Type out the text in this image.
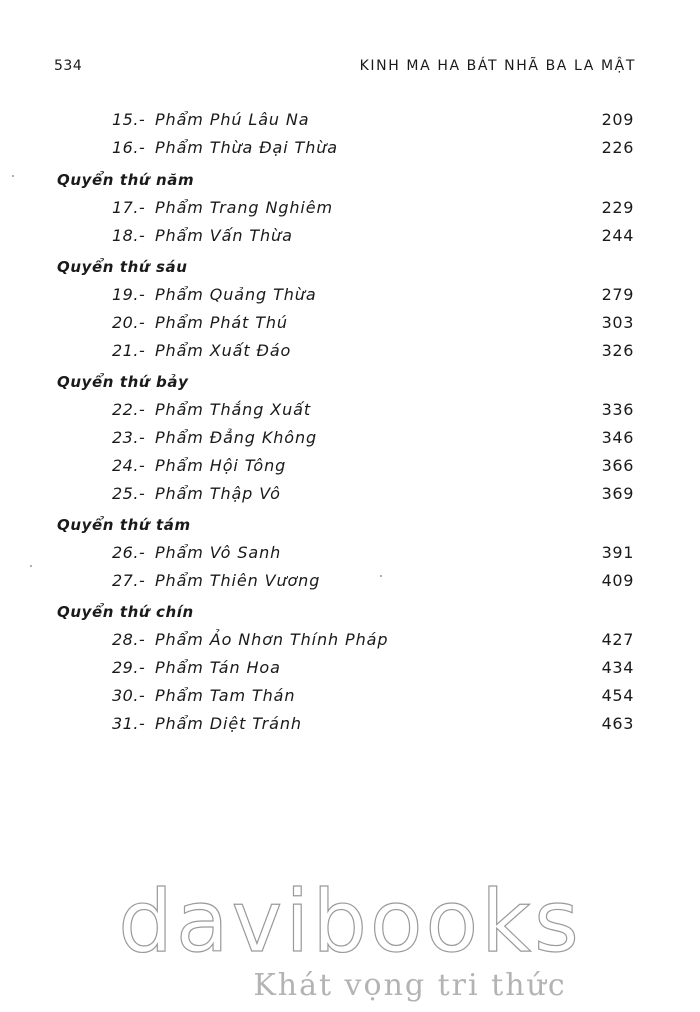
534	KINH MA HA BÁT NHÃ BA LA MẬT
15.- Phẩm Phú Lâu Na	209
16.- Phẩm Thừa Đại Thừa	226
Quyển thứ năm
17.- Phẩm Trang Nghiêm	229
18.- Phẩm Vấn Thừa	244
Quyển thứ sáu
19.- Phẩm Quảng Thừa	279
20.- Phẩm Phát Thú	303
21.- Phẩm Xuất Đáo	326
Quyển thứ bảy
22.- Phẩm Thắng Xuất	336
23.- Phẩm Đẳng Không	346
24.- Phẩm Hội Tông	366
25.- Phẩm Thập Vô	369
Quyển thứ tám
26.- Phẩm Vô Sanh	391
27.- Phẩm Thiên Vương	409
Quyển thứ chín
28.- Phẩm Ảo Nhơn Thính Pháp	427
29.- Phẩm Tán Hoa	434
30.- Phẩm Tam Thán	454
31.- Phẩm Diệt Tránh	463
davibooks
Khát vọng tri thức
